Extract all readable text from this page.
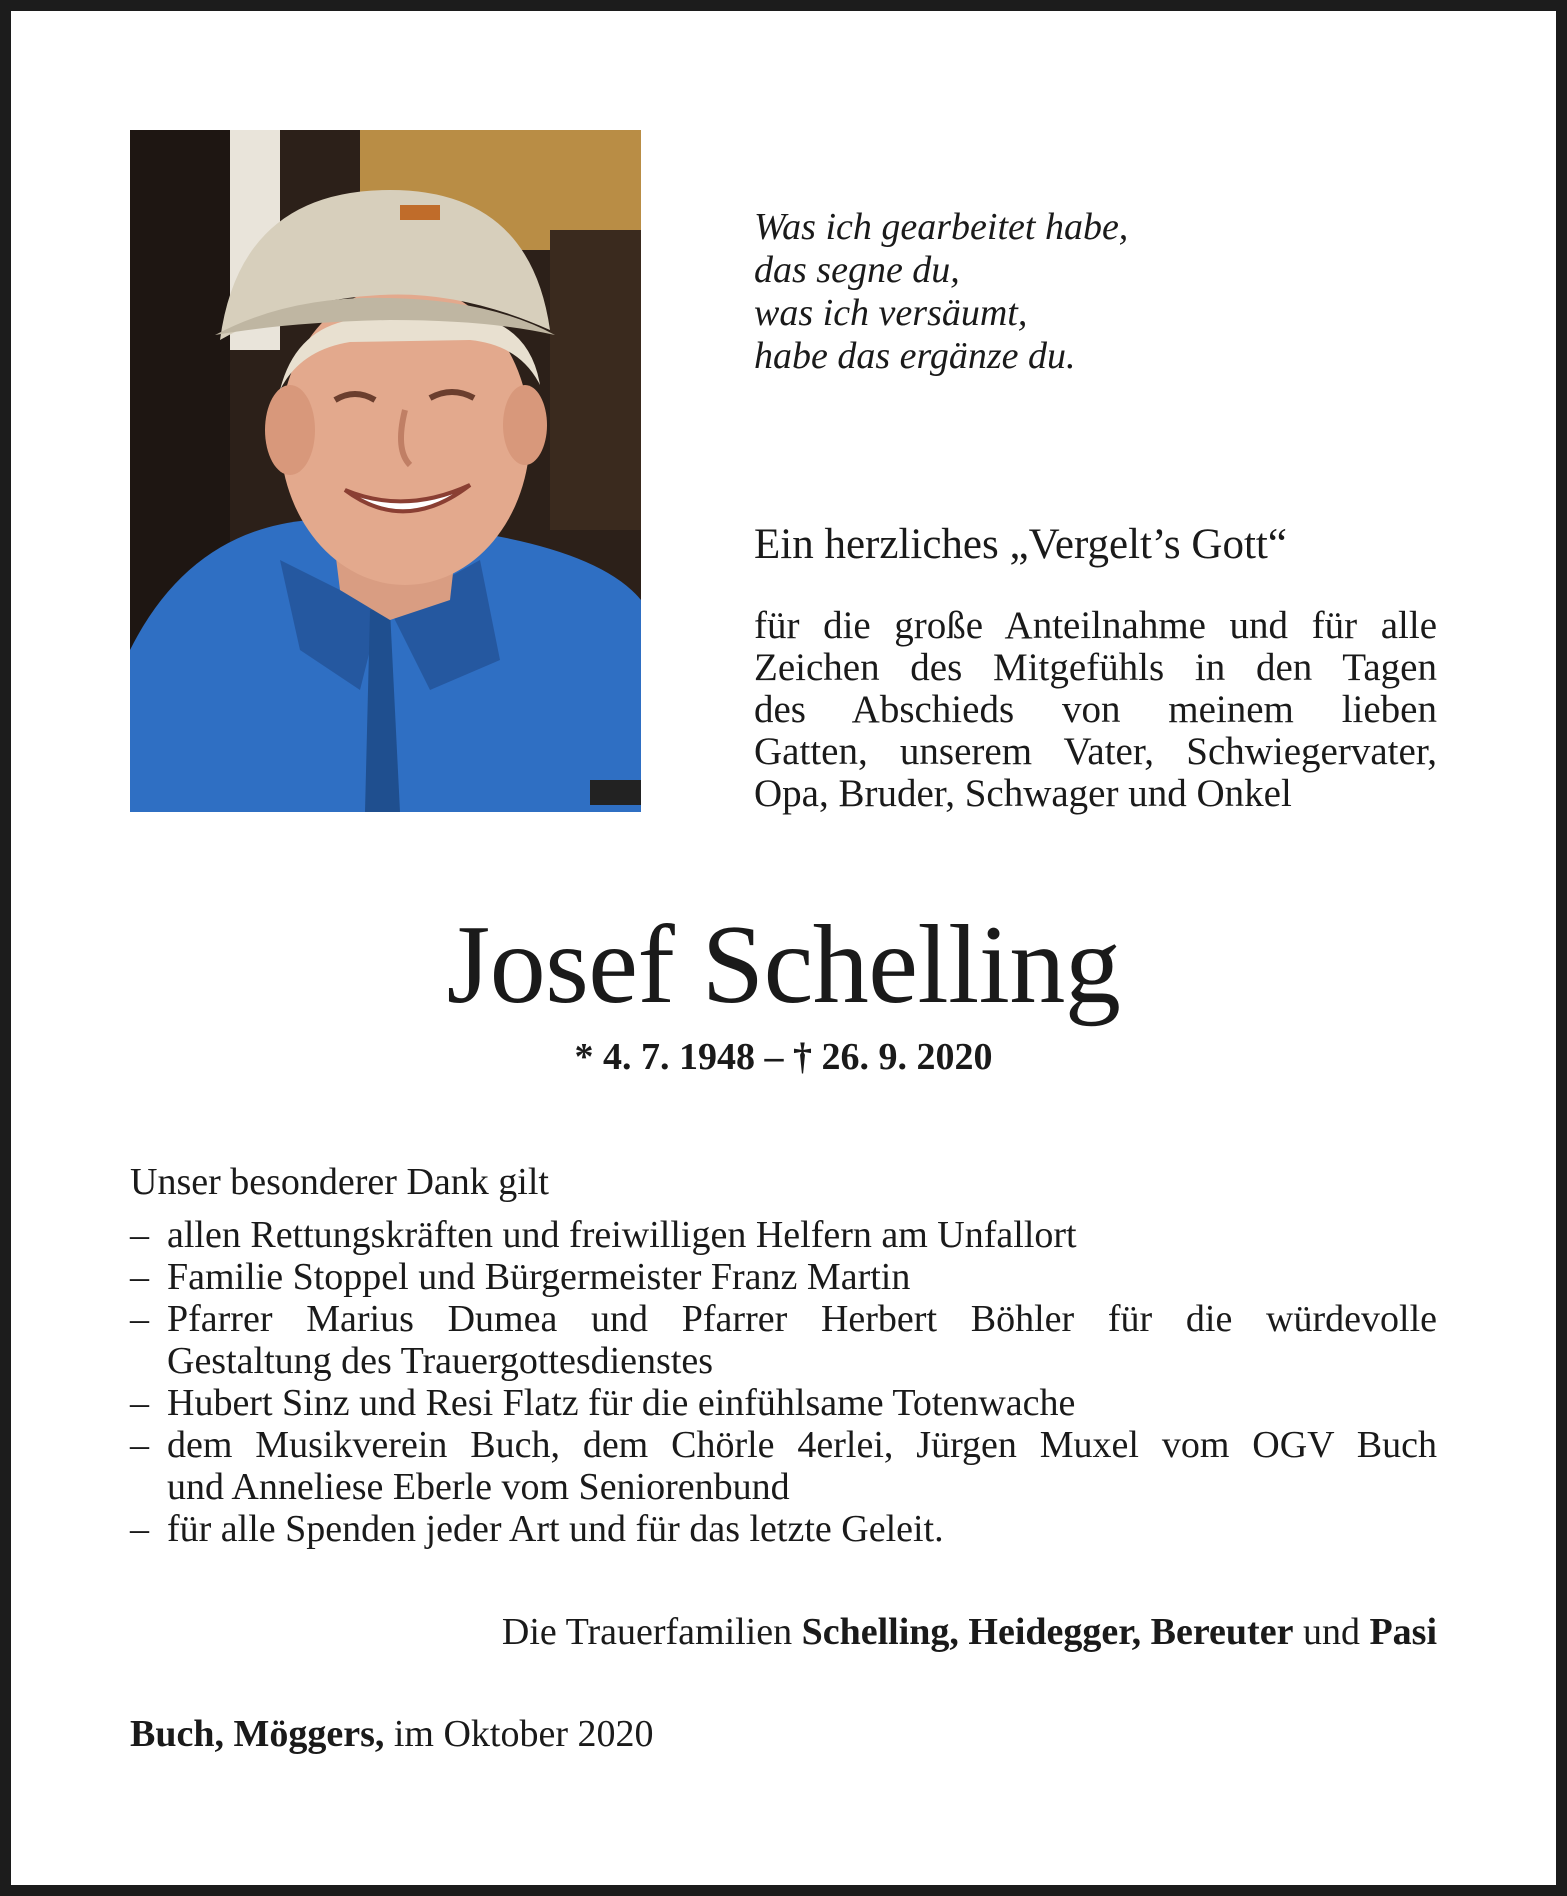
Was ich gearbeitet habe,
das segne du,
was ich versäumt,
habe das ergänze du.
Ein herzliches „Vergelt’s Gott“
für die große Anteilnahme und für alle
Zeichen des Mitgefühls in den Tagen
des Abschieds von meinem lieben
Gatten, unserem Vater, Schwiegervater,
Opa, Bruder, Schwager und Onkel
Josef Schelling
* 4. 7. 1948 – † 26. 9. 2020
Unser besonderer Dank gilt
– allen Rettungskräften und freiwilligen Helfern am Unfallort
– Familie Stoppel und Bürgermeister Franz Martin
– Pfarrer Marius Dumea und Pfarrer Herbert Böhler für die würdevolle
Gestaltung des Trauergottesdienstes
– Hubert Sinz und Resi Flatz für die einfühlsame Totenwache
– dem Musikverein Buch, dem Chörle 4erlei, Jürgen Muxel vom OGV Buch
und Anneliese Eberle vom Seniorenbund
– für alle Spenden jeder Art und für das letzte Geleit.
Die Trauerfamilien Schelling, Heidegger, Bereuter und Pasi
Buch, Möggers, im Oktober 2020
